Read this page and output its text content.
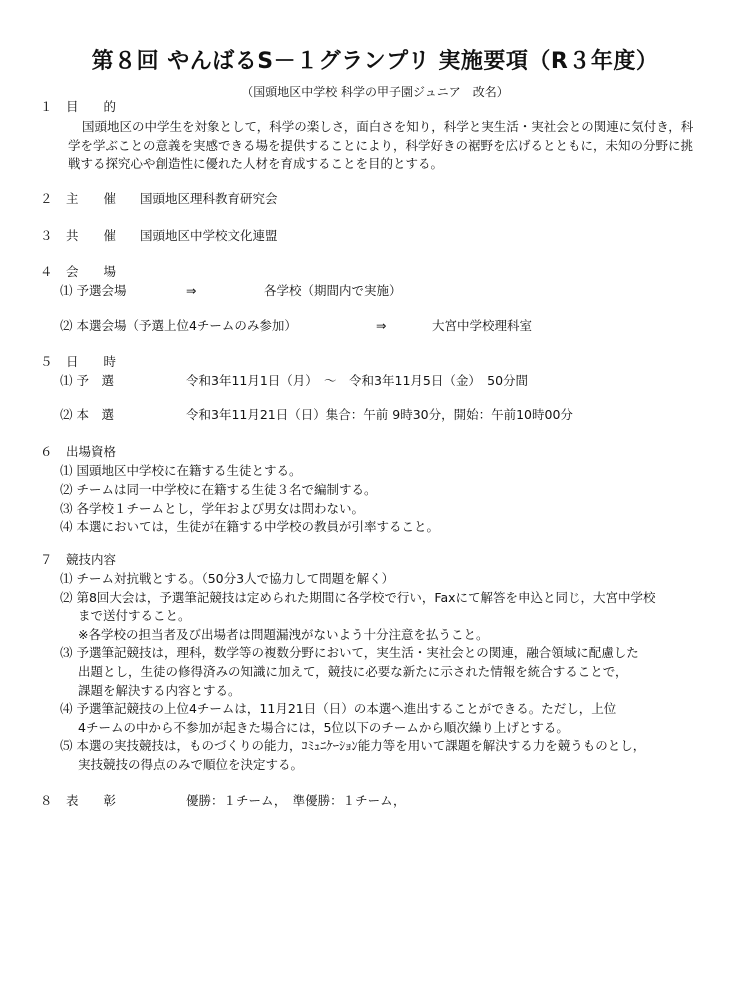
第８回 やんばるS－１グランプリ 実施要項（R３年度）
（国頭地区中学校 科学の甲子園ジュニア　改名）
１ 目　　的
国頭地区の中学生を対象として，科学の楽しさ，面白さを知り，科学と実生活・実社会との関連に気付き，科学を学ぶことの意義を実感できる場を提供することにより，科学好きの裾野を広げるとともに，未知の分野に挑戦する探究心や創造性に優れた人材を育成することを目的とする。
２ 主　　催 国頭地区理科教育研究会
３ 共　　催 国頭地区中学校文化連盟
４ 会　　場
⑴ 予選会場	⇒	各学校（期間内で実施）
⑵ 本選会場（予選上位4チームのみ参加）	⇒	大宮中学校理科室
５ 日　　時
⑴ 予　選	令和3年11月1日（月）　～　令和3年11月5日（金）　50分間
⑵ 本　選	令和3年11月21日（日）集合：午前 9時30分，開始：午前10時00分
６ 出場資格
⑴ 国頭地区中学校に在籍する生徒とする。
⑵ チームは同一中学校に在籍する生徒３名で編制する。
⑶ 各学校１チームとし，学年および男女は問わない。
⑷ 本選においては，生徒が在籍する中学校の教員が引率すること。
７ 競技内容
⑴ チーム対抗戦とする。（50分3人で協力して問題を解く）
⑵ 第8回大会は，予選筆記競技は定められた期間に各学校で行い，Faxにて解答を申込と同じ，大宮中学校
まで送付すること。
※各学校の担当者及び出場者は問題漏洩がないよう十分注意を払うこと。
⑶ 予選筆記競技は，理科，数学等の複数分野において，実生活・実社会との関連，融合領域に配慮した
出題とし，生徒の修得済みの知識に加えて，競技に必要な新たに示された情報を統合することで，
課題を解決する内容とする。
⑷ 予選筆記競技の上位4チームは，11月21日（日）の本選へ進出することができる。ただし，上位
4チームの中から不参加が起きた場合には，5位以下のチームから順次繰り上げとする。
⑸ 本選の実技競技は，ものづくりの能力，ｺﾐｭﾆｹｰｼｮﾝ能力等を用いて課題を解決する力を競うものとし，
実技競技の得点のみで順位を決定する。
８ 表　　彰	優勝：１チーム，　準優勝：１チーム，
